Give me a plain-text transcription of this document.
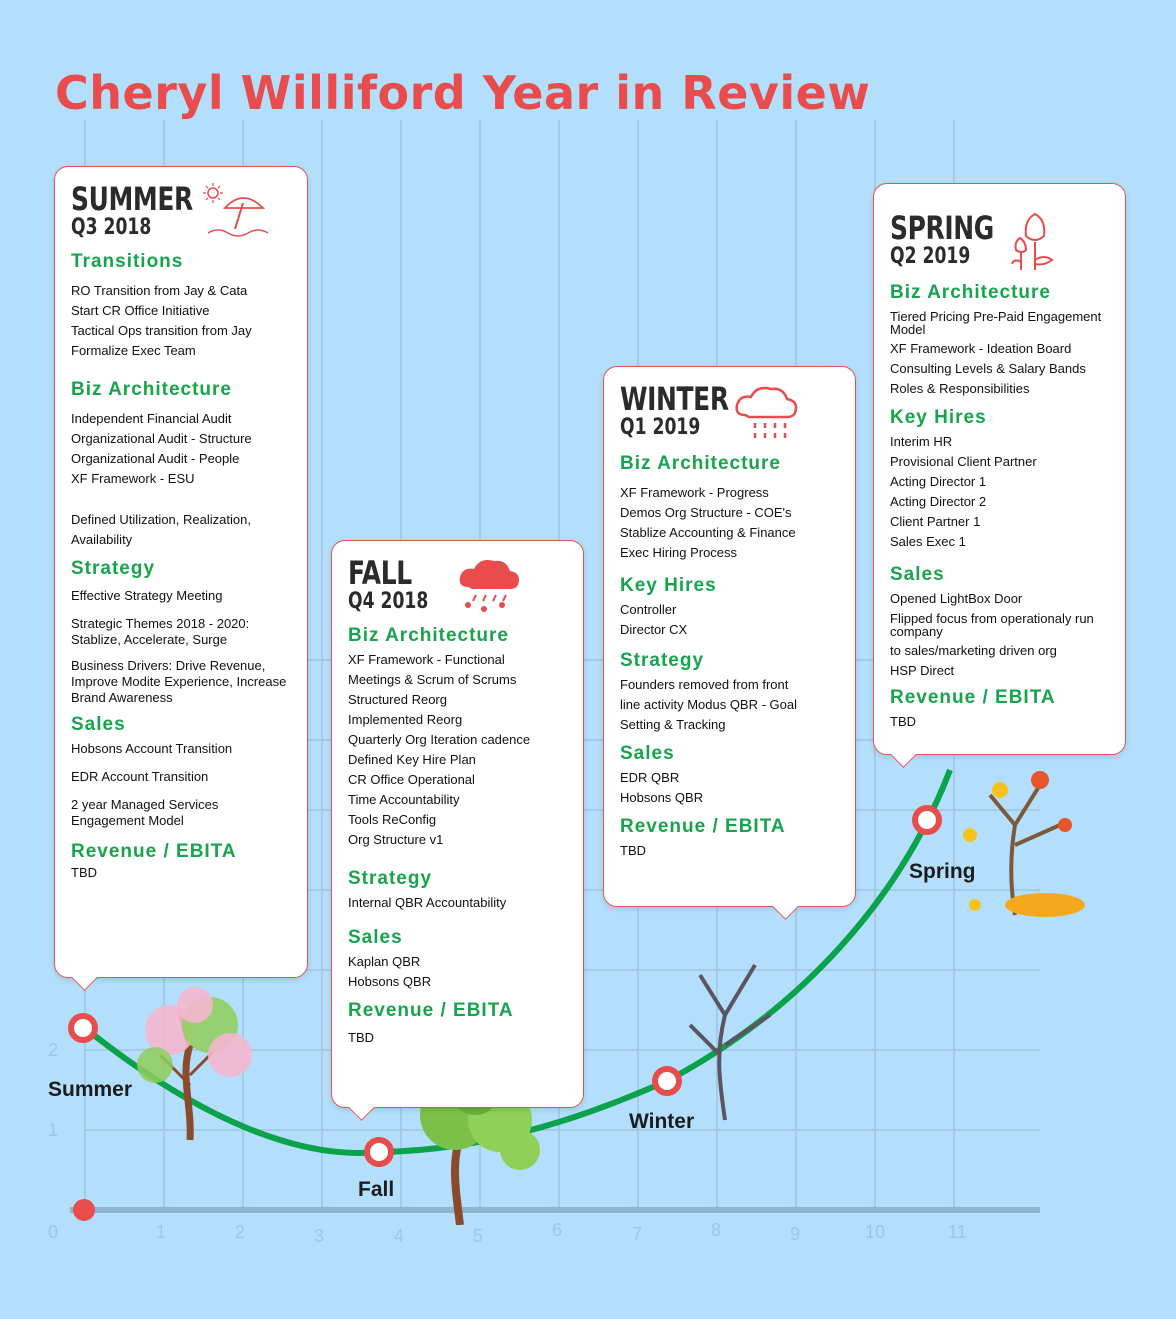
0	1	2	3	4	5	6	7	8	9	10	11
1
2
Cheryl Williford Year in Review
Summer
Fall
Winter
Spring
SUMMER
Q3 2018
Transitions
RO Transition from Jay & Cata
Start CR Office Initiative
Tactical Ops transition from Jay
Formalize Exec Team
Biz Architecture
Independent Financial Audit
Organizational Audit - Structure
Organizational Audit - People
XF Framework - ESU
Defined Utilization, Realization, Availability
Strategy
Effective Strategy Meeting
Strategic Themes 2018 - 2020: Stablize, Accelerate, Surge
Business Drivers: Drive Revenue, Improve Modite Experience, Increase Brand Awareness
Sales
Hobsons Account Transition
EDR Account Transition
2 year Managed Services Engagement Model
Revenue / EBITA
TBD
FALL
Q4 2018
Biz Architecture
XF Framework - Functional
Meetings & Scrum of Scrums
Structured Reorg
Implemented Reorg
Quarterly Org Iteration cadence
Defined Key Hire Plan
CR Office Operational
Time Accountability
Tools ReConfig
Org Structure v1
Strategy
Internal QBR Accountability
Sales
Kaplan QBR
Hobsons QBR
Revenue / EBITA
TBD
WINTER
Q1 2019
Biz Architecture
XF Framework - Progress
Demos Org Structure - COE's
Stablize Accounting & Finance
Exec Hiring Process
Key Hires
Controller
Director CX
Strategy
Founders removed from front
line activity Modus QBR - Goal
Setting & Tracking
Sales
EDR QBR
Hobsons QBR
Revenue / EBITA
TBD
SPRING
Q2 2019
Biz Architecture
Tiered Pricing Pre-Paid Engagement Model
XF Framework - Ideation Board
Consulting Levels & Salary Bands
Roles & Responsibilities
Key Hires
Interim HR
Provisional Client Partner
Acting Director 1
Acting Director 2
Client Partner 1
Sales Exec 1
Sales
Opened LightBox Door
Flipped focus from operationaly run company
to sales/marketing driven org
HSP Direct
Revenue / EBITA
TBD
